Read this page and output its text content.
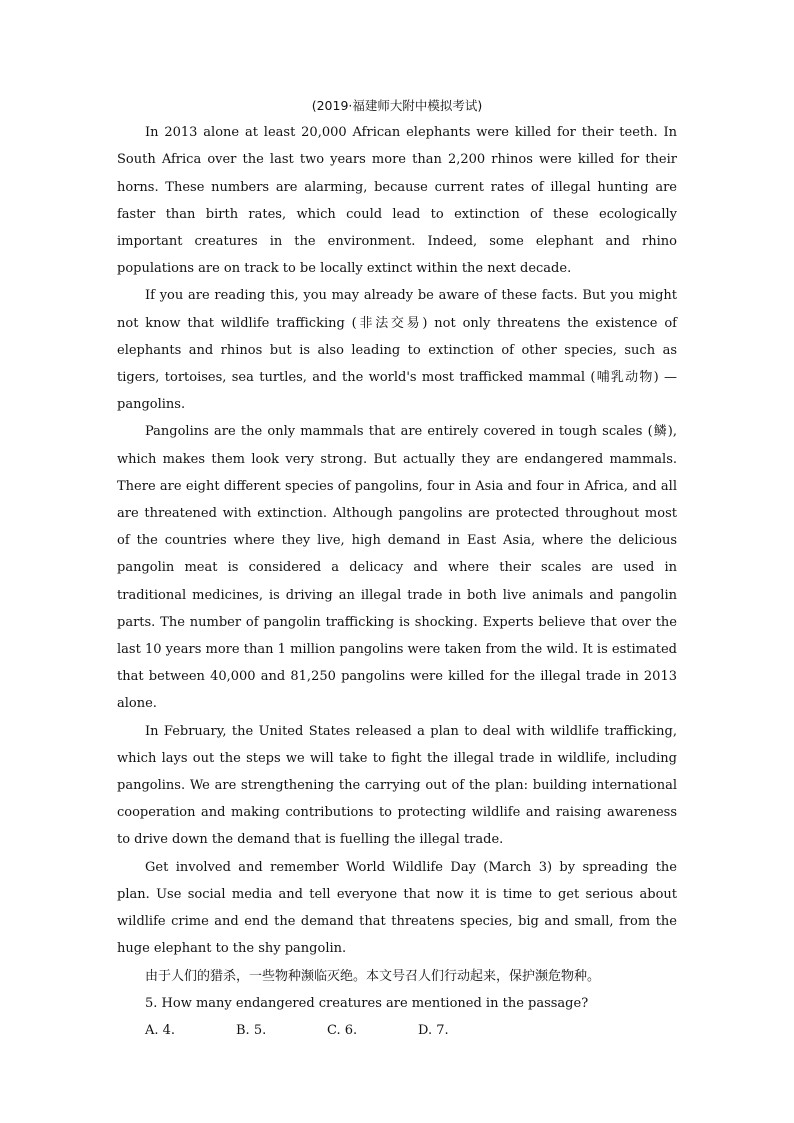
(2019·福建师大附中模拟考试)

In 2013 alone at least 20,000 African elephants were killed for their teeth. In South Africa over the last two years more than 2,200 rhinos were killed for their horns. These numbers are alarming, because current rates of illegal hunting are faster than birth rates, which could lead to extinction of these ecologically important creatures in the environment. Indeed, some elephant and rhino populations are on track to be locally extinct within the next decade.

If you are reading this, you may already be aware of these facts. But you might not know that wildlife trafficking (非法交易) not only threatens the existence of elephants and rhinos but is also leading to extinction of other species, such as tigers, tortoises, sea turtles, and the world's most trafficked mammal (哺乳动物) — pangolins.

Pangolins are the only mammals that are entirely covered in tough scales (鳞), which makes them look very strong. But actually they are endangered mammals. There are eight different species of pangolins, four in Asia and four in Africa, and all are threatened with extinction. Although pangolins are protected throughout most of the countries where they live, high demand in East Asia, where the delicious pangolin meat is considered a delicacy and where their scales are used in traditional medicines, is driving an illegal trade in both live animals and pangolin parts. The number of pangolin trafficking is shocking. Experts believe that over the last 10 years more than 1 million pangolins were taken from the wild. It is estimated that between 40,000 and 81,250 pangolins were killed for the illegal trade in 2013 alone.

In February, the United States released a plan to deal with wildlife trafficking, which lays out the steps we will take to fight the illegal trade in wildlife, including pangolins. We are strengthening the carrying out of the plan: building international cooperation and making contributions to protecting wildlife and raising awareness to drive down the demand that is fuelling the illegal trade.

Get involved and remember World Wildlife Day (March 3) by spreading the plan. Use social media and tell everyone that now it is time to get serious about wildlife crime and end the demand that threatens species, big and small, from the huge elephant to the shy pangolin.

由于人们的猎杀，一些物种濒临灭绝。本文号召人们行动起来，保护濒危物种。

5. How many endangered creatures are mentioned in the passage?

A. 4.	B. 5.	C. 6.	D. 7.
